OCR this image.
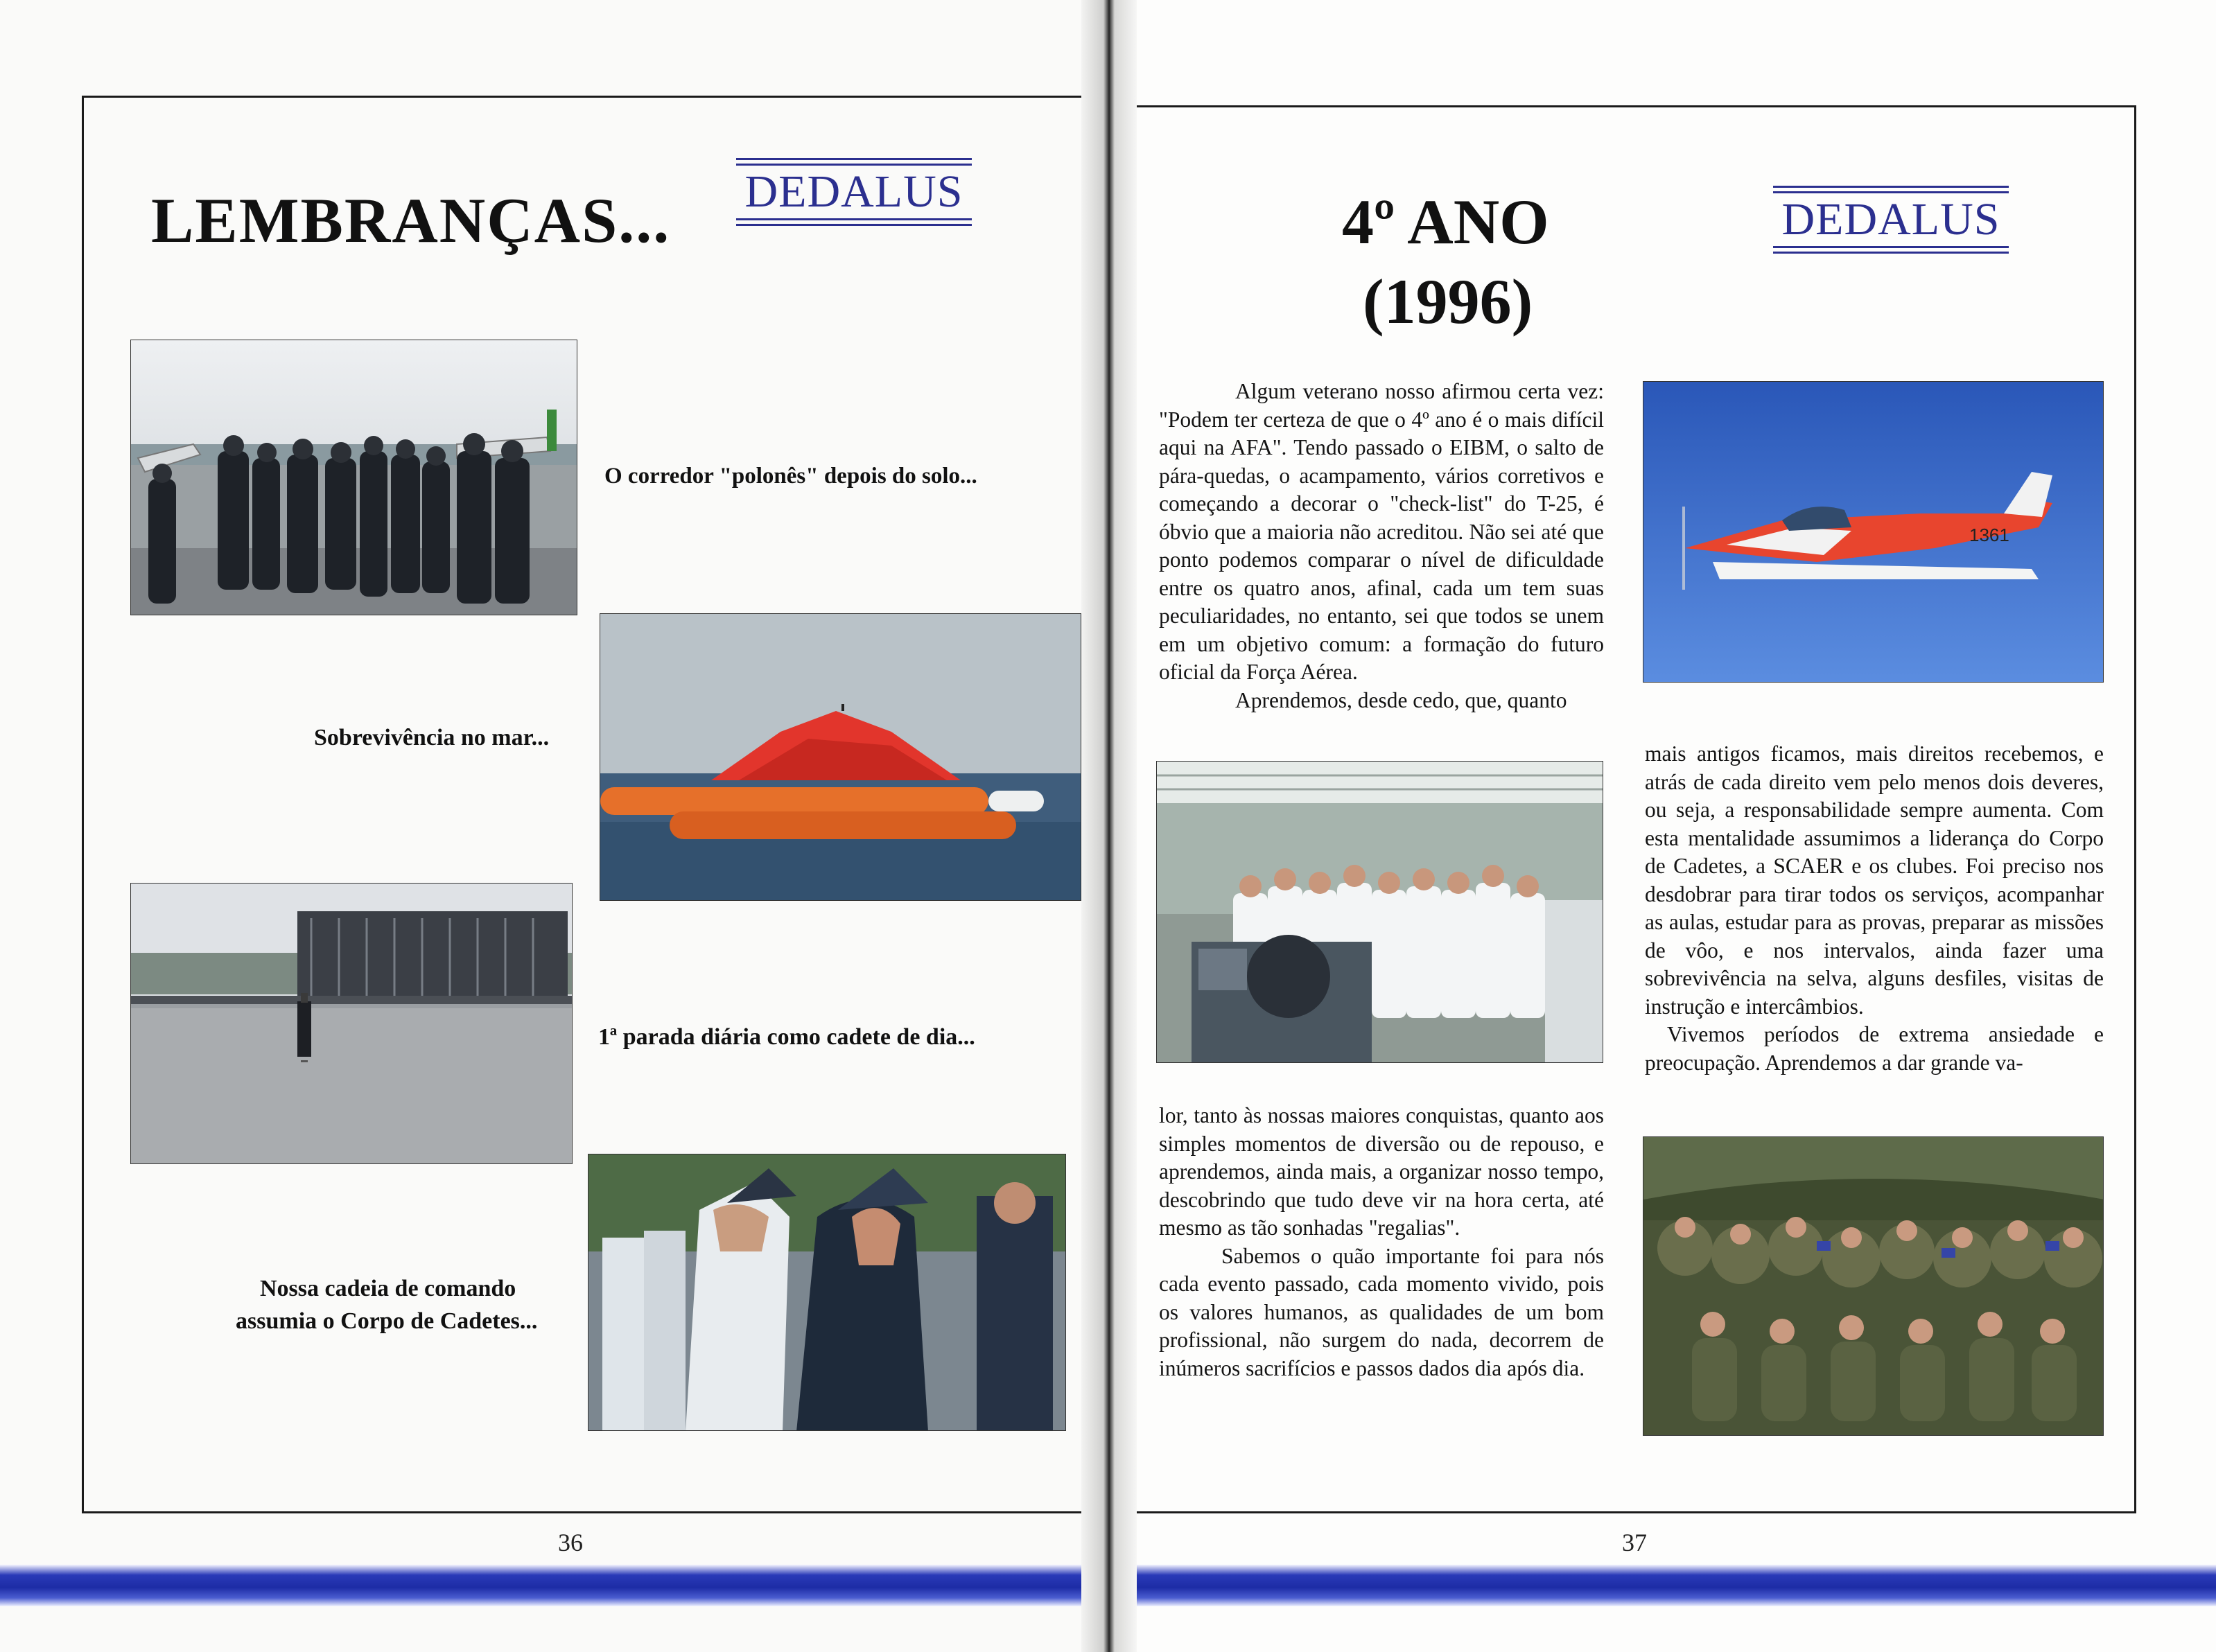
LEMBRANÇAS... DEDALUS
O corredor "polonês" depois do solo...
Sobrevivência no mar...
1ª parada diária como cadete de dia...
Nossa cadeia de comando
assumia o Corpo de Cadetes...
36
4º ANO
(1996)
DEDALUS

Algum veterano nosso afirmou certa vez: "Podem ter certeza de que o 4º ano é o mais difícil aqui na AFA". Tendo passado o EIBM, o salto de pára-quedas, o acampamento, vários corretivos e começando a decorar o "check-list" do T-25, é óbvio que a maioria não acreditou. Não sei até que ponto podemos comparar o nível de dificuldade entre os quatro anos, afinal, cada um tem suas peculiaridades, no entanto, sei que todos se unem em um objetivo comum: a formação do futuro oficial da Força Aérea.

Aprendemos, desde cedo, que, quanto

1361

mais antigos ficamos, mais direitos recebemos, e atrás de cada direito vem pelo menos dois deveres, ou seja, a responsabilidade sempre aumenta. Com esta mentalidade assumimos a liderança do Corpo de Cadetes, a SCAER e os clubes. Foi preciso nos desdobrar para tirar todos os serviços, acompanhar as aulas, estudar para as provas, preparar as missões de vôo, e nos intervalos, ainda fazer uma sobrevivência na selva, alguns desfiles, visitas de instrução e intercâmbios.

Vivemos períodos de extrema ansiedade e preocupação. Aprendemos a dar grande va-

lor, tanto às nossas maiores conquistas, quanto aos simples momentos de diversão ou de repouso, e aprendemos, ainda mais, a organizar nosso tempo, descobrindo que tudo deve vir na hora certa, até mesmo as tão sonhadas "regalias".

Sabemos o quão importante foi para nós cada evento passado, cada momento vivido, pois os valores humanos, as qualidades de um bom profissional, não surgem do nada, decorrem de inúmeros sacrifícios e passos dados dia após dia.

37
